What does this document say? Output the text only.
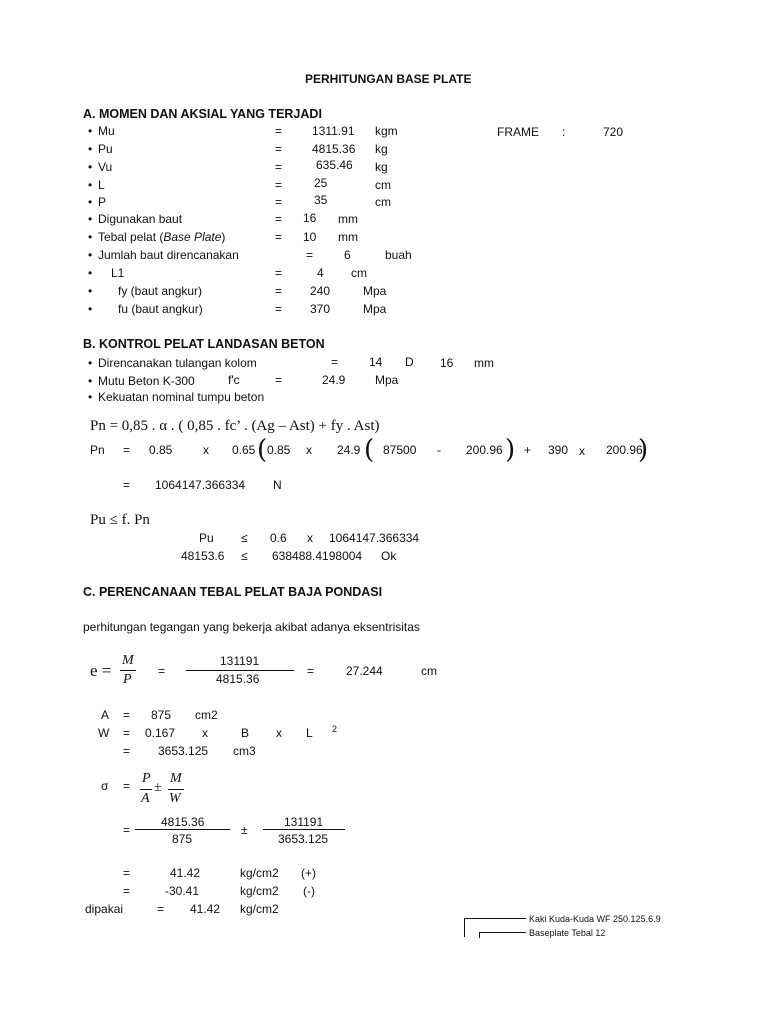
PERHITUNGAN BASE PLATE
A. MOMEN DAN AKSIAL YANG TERJADI
• Mu	= 1311.91 kgm
• Pu	= 4815.36 kg
• Vu	=	635.46 kg
• L	=	25	cm
• P	=	35	cm
• Digunakan baut	= 16 mm
• Tebal pelat (Base Plate)	= 10 mm
• Jumlah baut direncanakan	=	6	buah
• L1	=	4 cm
• fy (baut angkur)	= 240	Mpa
• fu (baut angkur)	= 370	Mpa
FRAME :	720
B. KONTROL PELAT LANDASAN BETON
• Direncanakan tulangan kolom	=	14 D 16 mm
• Mutu Beton K-300	f'c	=	24.9 Mpa
• Kekuatan nominal tumpu beton
Pn = 0,85 . α . ( 0,85 . fc’ . (Ag – Ast) + fy . Ast)
Pn = 0.85	x 0.65 ( 0.85 x 24.9 ( 87500 - 200.96 ) + 390 x 200.96
)
= 1064147.366334 N
Pu ≤ f. Pn
Pu ≤ 0.6 x 1064147.366334
48153.6 ≤ 638488.4198004 Ok
C. PERENCANAAN TEBAL PELAT BAJA PONDASI
perhitungan tegangan yang bekerja akibat adanya eksentrisitas
e =
M
P
=
131191
4815.36
=	27.244	cm
A = 875 cm2
W = 0.167 x	B x L 2
= 3653.125 cm3
σ = P
A
±
M
W
=
4815.36
875
±
131191
3653.125
=	41.42	kg/cm2 (+)
=	-30.41	kg/cm2 (-)
dipakai	= 41.42 kg/cm2
Kaki Kuda-Kuda WF 250.125.6.9
Baseplate Tebal 12
